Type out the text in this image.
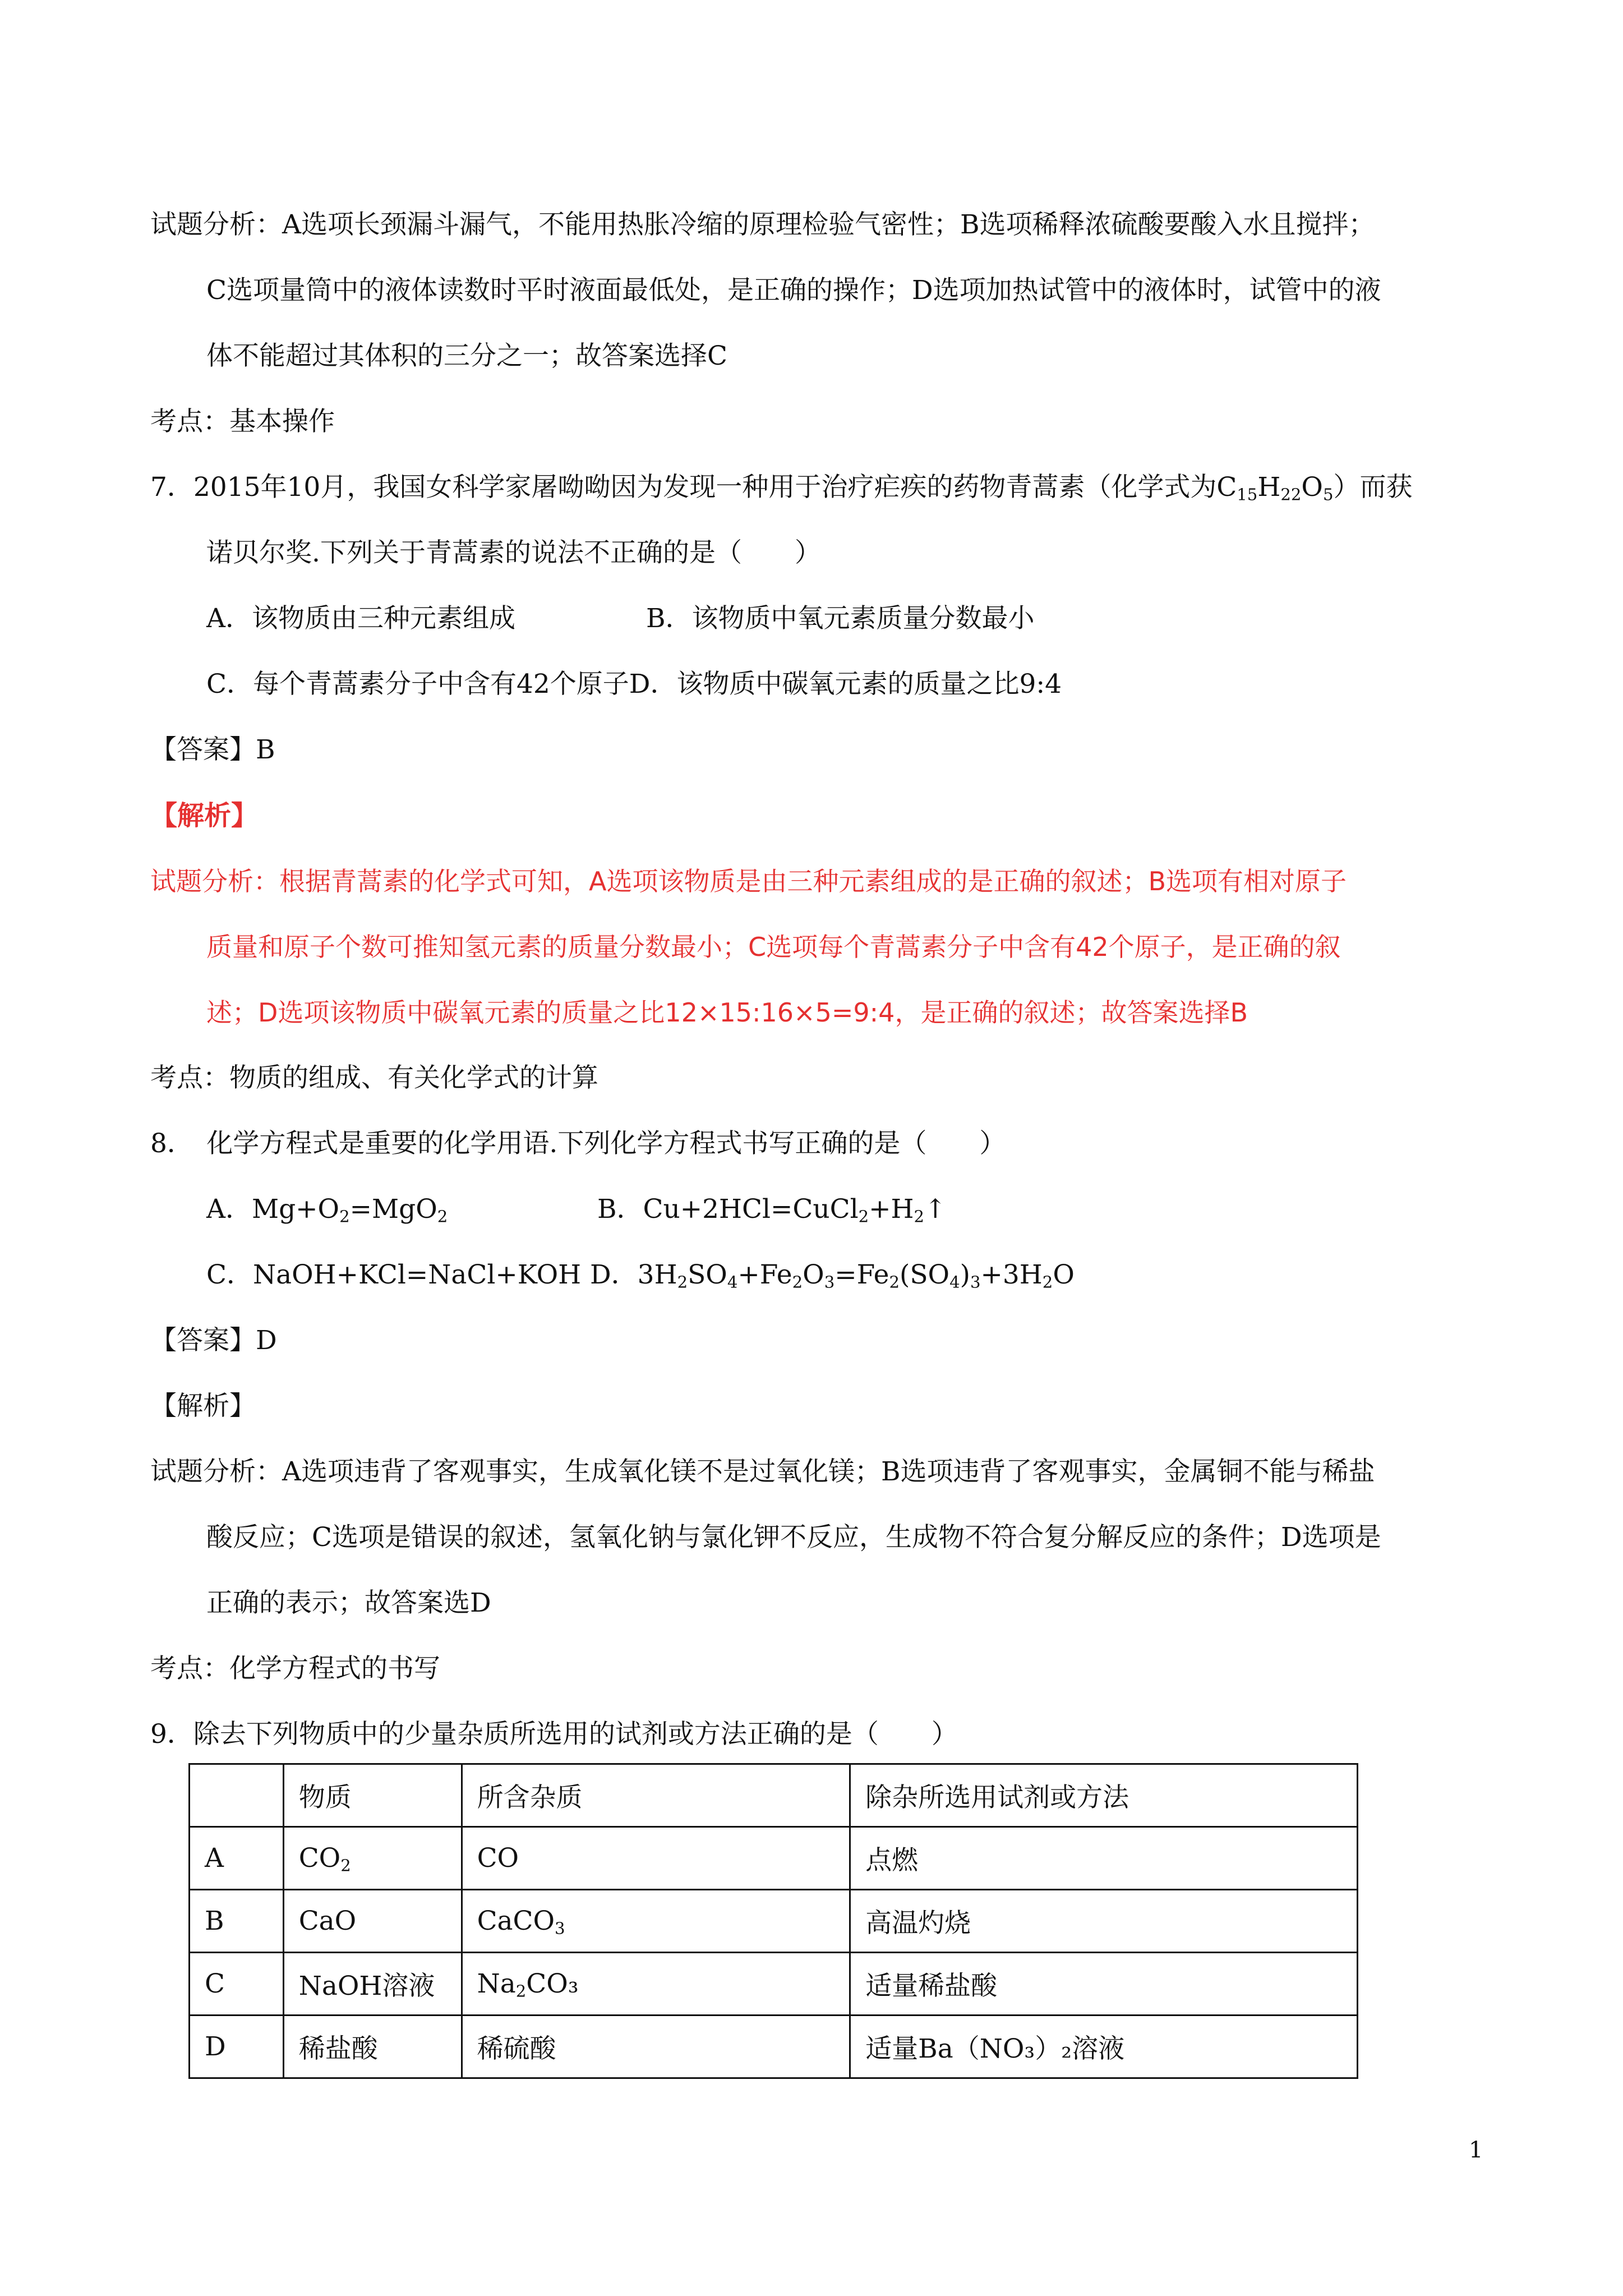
试题分析：A选项长颈漏斗漏气，不能用热胀冷缩的原理检验气密性；B选项稀释浓硫酸要酸入水且搅拌；
C选项量筒中的液体读数时平时液面最低处，是正确的操作；D选项加热试管中的液体时，试管中的液
体不能超过其体积的三分之一；故答案选择C
考点：基本操作
7．2015年10月，我国女科学家屠呦呦因为发现一种用于治疗疟疾的药物青蒿素（化学式为$C_{15}H_{22}O_5$）而获
诺贝尔奖.下列关于青蒿素的说法不正确的是（　　）
A．该物质由三种元素组成	B．该物质中氧元素质量分数最小
C．每个青蒿素分子中含有42个原子D．该物质中碳氧元素的质量之比9:4
【答案】B
【解析】
试题分析：根据青蒿素的化学式可知，A选项该物质是由三种元素组成的是正确的叙述；B选项有相对原子
质量和原子个数可推知氢元素的质量分数最小；C选项每个青蒿素分子中含有42个原子，是正确的叙
述；D选项该物质中碳氧元素的质量之比12×15:16×5=9:4，是正确的叙述；故答案选择B
考点：物质的组成、有关化学式的计算
8．　化学方程式是重要的化学用语.下列化学方程式书写正确的是（　　）
A．$Mg+O_2=MgO_2$	B．$Cu+2HCl=CuCl_2+H_2↑$
C．NaOH+KCl=NaCl+KOH D．$3H_2SO_4+Fe_2O_3=Fe_2(SO_4)_3+3H_2O$
【答案】D
【解析】
试题分析：A选项违背了客观事实，生成氧化镁不是过氧化镁；B选项违背了客观事实，金属铜不能与稀盐
酸反应；C选项是错误的叙述，氢氧化钠与氯化钾不反应，生成物不符合复分解反应的条件；D选项是
正确的表示；故答案选D
考点：化学方程式的书写
9．除去下列物质中的少量杂质所选用的试剂或方法正确的是（　　）
	物质	所含杂质	除杂所选用试剂或方法
A	$CO_2$	CO	点燃
B	CaO	CaCO$_3$	高温灼烧
C	NaOH溶液	$Na_2CO_3$	适量稀盐酸
D	稀盐酸	稀硫酸	适量Ba（NO₃）₂溶液
1
